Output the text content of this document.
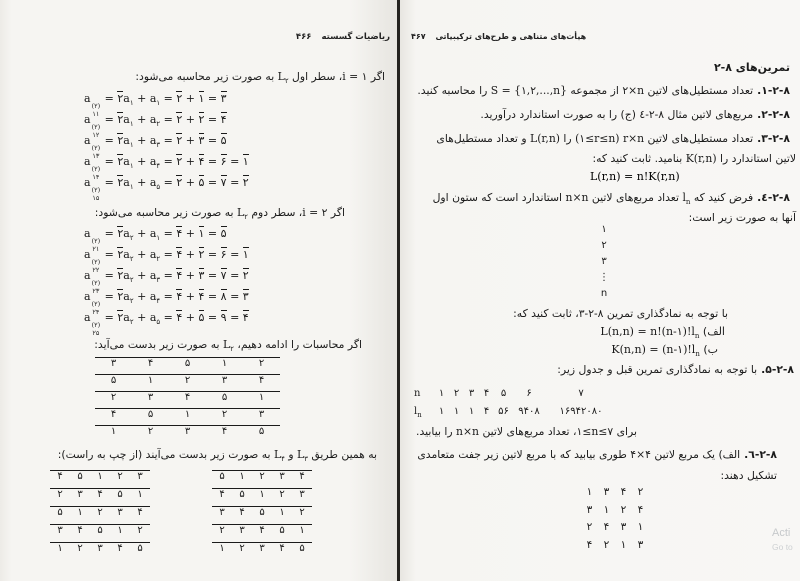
ریاضیات گسسته ۴۶۶
اگر i = ۱، سطر اول $L_۲$ به صورت زیر محاسبه می‌شود:
a
(۲)
۱۱
= $۲a_۱ + a_۱$ = ۲ + ۱ = ۳
a
(۲)
۱۲
= $۲a_۱ + a_۲$ = ۲ + ۲ = ۴
a
(۲)
۱۳
= $۲a_۱ + a_۳$ = ۲ + ۳ = ۵
a
(۲)
۱۴
= $۲a_۱ + a_۴$ = ۲ + ۴ = ۶ = ۱
a
(۲)
۱۵
= $۲a_۱ + a_۵$ = ۲ + ۵ = ۷ = ۲
اگر i = ۲، سطر دوم $L_۲$ به صورت زیر محاسبه می‌شود:
a
(۲)
۲۱
= $۲a_۲ + a_۱$ = ۴ + ۱ = ۵
a
(۲)
۲۲
= $۲a_۲ + a_۲$ = ۴ + ۲ = ۶ = ۱
a
(۲)
۲۳
= $۲a_۲ + a_۳$ = ۴ + ۳ = ۷ = ۲
a
(۲)
۲۴
= $۲a_۲ + a_۴$ = ۴ + ۴ = ۸ = ۳
a
(۲)
۲۵
= $۲a_۲ + a_۵$ = ۴ + ۵ = ۹ = ۴
اگر محاسبات را ادامه دهیم، $L_۲$ به صورت زیر بدست می‌آید:
۳	۴	۵	۱	۲
۵	۱	۲	۳	۴
۲	۳	۴	۵	۱
۴	۵	۱	۲	۳
۱	۲	۳	۴	۵
به همین طریق $L_۳$ و $L_۴$ به صورت زیر بدست می‌آیند (از چپ به راست):
۴	۵	۱	۲	۳
۲	۳	۴	۵	۱
۵	۱	۲	۳	۴
۳	۴	۵	۱	۲
۱	۲	۳	۴	۵
۵	۱	۲	۳	۴
۴	۵	۱	۲	۳
۳	۴	۵	۱	۲
۲	۳	۴	۵	۱
۱	۲	۳	۴	۵
هیأت‌های متناهی و طرح‌های ترکیبیاتی ۴۶۷
تمرین‌های ۲-۸
.۱-۲-۸تعداد مستطیل‌های لاتین ۲×n از مجموعه S = {۱,۲,...,n} را محاسبه کنید.
.۲-۲-۸مربع‌های لاتین مثال ٤-۲-۸ (ج) را به صورت استاندارد درآورید.
.۳-۲-۸تعداد مستطیل‌های لاتین r×n (۱≤r≤n) را L(r,n) و تعداد مستطیل‌های
لاتین استاندارد را K(r,n) بنامید. ثابت کنید که:
L(r,n) = n!K(r,n)
.٤-۲-۸فرض کنید که $l_n$ تعداد مربع‌های لاتین n×n استاندارد است که ستون اول
آنها به صورت زیر است:
۱
۲
۳
⋮
n
با توجه به نمادگذاری تمرین ۳-۲-۸، ثابت کنید که:
الف) $L(n,n) = n!(n-۱)!l_n$
ب) $K(n,n) = (n-۱)!l_n$
.۵-۲-۸با توجه به نمادگذاری تمرین قبل و جدول زیر:
n	۱ ۲ ۳ ۴	۵	۶	۷
$l_n$	۱ ۱ ۱ ۴ ۵۶ ۹۴۰۸	۱۶۹۴۲۰۸۰
برای ۱≤n≤۷، تعداد مربع‌های لاتین n×n را بیابید.
.٦-۲-۸الف) یک مربع لاتین ۴×۴ طوری بیابید که با مربع لاتین زیر جفت متعامدی
تشکیل دهند:
۱	۳	۴	۲
۳	۱	۲	۴
۲	۴	۳	۱
۴	۲	۱	۳
Acti
Go to
